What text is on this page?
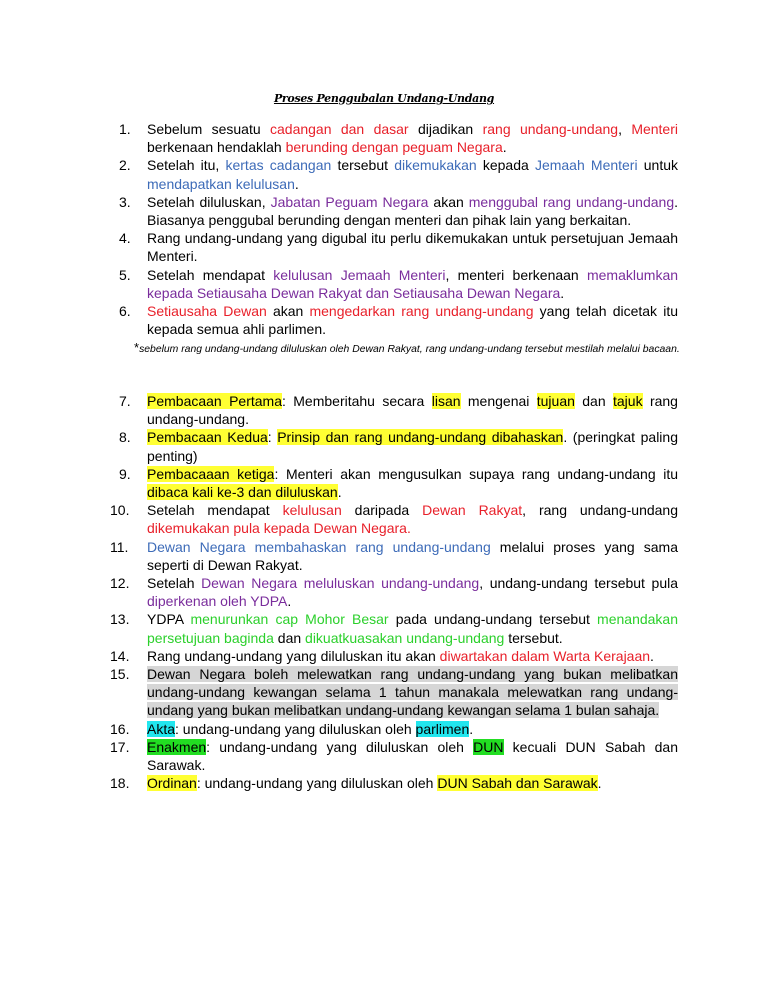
Proses Penggubalan Undang-Undang
1. Sebelum sesuatu cadangan dan dasar dijadikan rang undang-undang, Menteri berkenaan hendaklah berunding dengan peguam Negara.
2. Setelah itu, kertas cadangan tersebut dikemukakan kepada Jemaah Menteri untuk mendapatkan kelulusan.
3. Setelah diluluskan, Jabatan Peguam Negara akan menggubal rang undang-undang. Biasanya penggubal berunding dengan menteri dan pihak lain yang berkaitan.
4. Rang undang-undang yang digubal itu perlu dikemukakan untuk persetujuan Jemaah Menteri.
5. Setelah mendapat kelulusan Jemaah Menteri, menteri berkenaan memaklumkan kepada Setiausaha Dewan Rakyat dan Setiausaha Dewan Negara.
6. Setiausaha Dewan akan mengedarkan rang undang-undang yang telah dicetak itu kepada semua ahli parlimen.
*sebelum rang undang-undang diluluskan oleh Dewan Rakyat, rang undang-undang tersebut mestilah melalui bacaan.
7. Pembacaan Pertama: Memberitahu secara lisan mengenai tujuan dan tajuk rang undang-undang.
8. Pembacaan Kedua: Prinsip dan rang undang-undang dibahaskan. (peringkat paling penting)
9. Pembacaaan ketiga: Menteri akan mengusulkan supaya rang undang-undang itu dibaca kali ke-3 dan diluluskan.
10. Setelah mendapat kelulusan daripada Dewan Rakyat, rang undang-undang dikemukakan pula kepada Dewan Negara.
11. Dewan Negara membahaskan rang undang-undang melalui proses yang sama seperti di Dewan Rakyat.
12. Setelah Dewan Negara meluluskan undang-undang, undang-undang tersebut pula diperkenan oleh YDPA.
13. YDPA menurunkan cap Mohor Besar pada undang-undang tersebut menandakan persetujuan baginda dan dikuatkuasakan undang-undang tersebut.
14. Rang undang-undang yang diluluskan itu akan diwartakan dalam Warta Kerajaan.
15. Dewan Negara boleh melewatkan rang undang-undang yang bukan melibatkan undang-undang kewangan selama 1 tahun manakala melewatkan rang undang-undang yang bukan melibatkan undang-undang kewangan selama 1 bulan sahaja.
16. Akta: undang-undang yang diluluskan oleh parlimen.
17. Enakmen: undang-undang yang diluluskan oleh DUN kecuali DUN Sabah dan Sarawak.
18. Ordinan: undang-undang yang diluluskan oleh DUN Sabah dan Sarawak.
